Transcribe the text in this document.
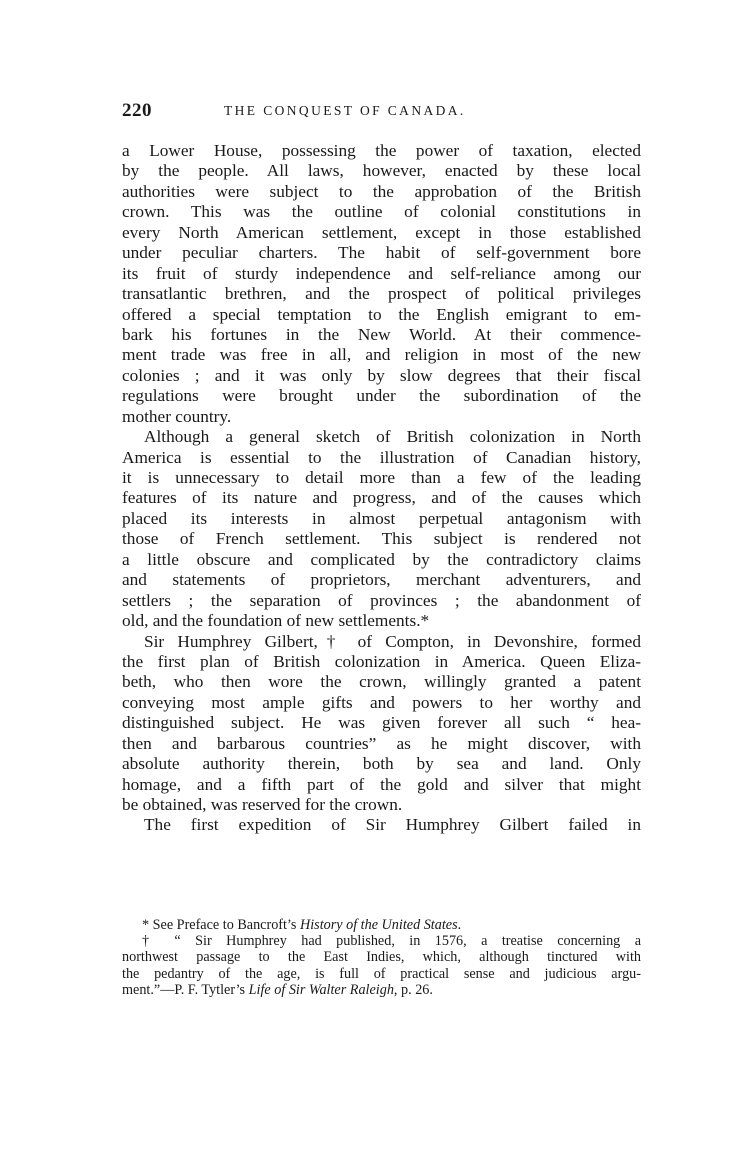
220	THE CONQUEST OF CANADA.
a Lower House, possessing the power of taxation, elected
by the people. All laws, however, enacted by these local
authorities were subject to the approbation of the British
crown. This was the outline of colonial constitutions in
every North American settlement, except in those established
under peculiar charters. The habit of self-government bore
its fruit of sturdy independence and self-reliance among our
transatlantic brethren, and the prospect of political privileges
offered a special temptation to the English emigrant to em-
bark his fortunes in the New World. At their commence-
ment trade was free in all, and religion in most of the new
colonies ; and it was only by slow degrees that their fiscal
regulations were brought under the subordination of the
mother country.
Although a general sketch of British colonization in North
America is essential to the illustration of Canadian history,
it is unnecessary to detail more than a few of the leading
features of its nature and progress, and of the causes which
placed its interests in almost perpetual antagonism with
those of French settlement. This subject is rendered not
a little obscure and complicated by the contradictory claims
and statements of proprietors, merchant adventurers, and
settlers ; the separation of provinces ; the abandonment of
old, and the foundation of new settlements.*
Sir Humphrey Gilbert,† of Compton, in Devonshire, formed
the first plan of British colonization in America. Queen Eliza-
beth, who then wore the crown, willingly granted a patent
conveying most ample gifts and powers to her worthy and
distinguished subject. He was given forever all such “ hea-
then and barbarous countries” as he might discover, with
absolute authority therein, both by sea and land. Only
homage, and a fifth part of the gold and silver that might
be obtained, was reserved for the crown.
The first expedition of Sir Humphrey Gilbert failed in
* See Preface to Bancroft’s History of the United States.
† “ Sir Humphrey had published, in 1576, a treatise concerning a
northwest passage to the East Indies, which, although tinctured with
the pedantry of the age, is full of practical sense and judicious argu-
ment.”—P. F. Tytler’s Life of Sir Walter Raleigh, p. 26.
